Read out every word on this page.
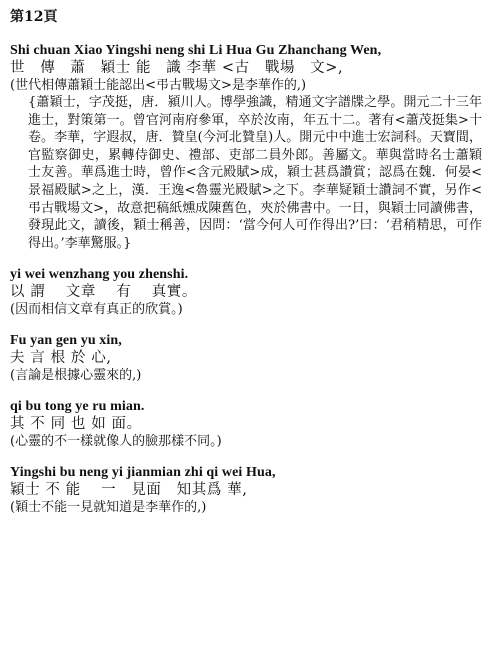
第12頁
Shi chuan Xiao Yingshi neng shi Li Hua Gu Zhanchang Wen,
世　傳　蕭　穎士 能　識 李華 <古　戰場　文>,
(世代相傳蕭穎士能認出<弔古戰場文>是李華作的,)
{蕭穎士，字茂挺，唐．潁川人。博學強識，精通文字譜牒之學。開元二十三年進士，對策第一。曾官河南府參軍，卒於汝南，年五十二。著有<蕭茂挺集>十卷。李華，字遐叔，唐．贊皇(今河北贊皇)人。開元中中進士宏詞科。天寶間，官監察御史，累轉侍御史、禮部、吏部二員外郎。善屬文。華與當時名士蕭穎士友善。華爲進士時，曾作<含元殿賦>成，穎士甚爲讚賞；認爲在魏．何晏<景福殿賦>之上，漢．王逸<魯靈光殿賦>之下。李華疑穎士讚詞不實，另作<弔古戰場文>，故意把稿紙燻成陳舊色，夾於佛書中。一日，與穎士同讀佛書，發現此文，讀後，穎士稱善，因問：‘當今何人可作得出?’曰：‘君稍精思，可作得出。’李華驚服。}
yi wei wenzhang you zhenshi.
以 謂　 文章　 有　 真實。
(因而相信文章有真正的欣賞。)
Fu yan gen yu xin,
夫 言 根 於 心,
(言論是根據心靈來的,)
qi bu tong ye ru mian.
其 不 同 也 如 面。
(心靈的不一樣就像人的臉那樣不同。)
Yingshi bu neng yi jianmian zhi qi wei Hua,
穎士 不 能　 一　見面　知其爲 華,
(穎士不能一見就知道是李華作的,)
